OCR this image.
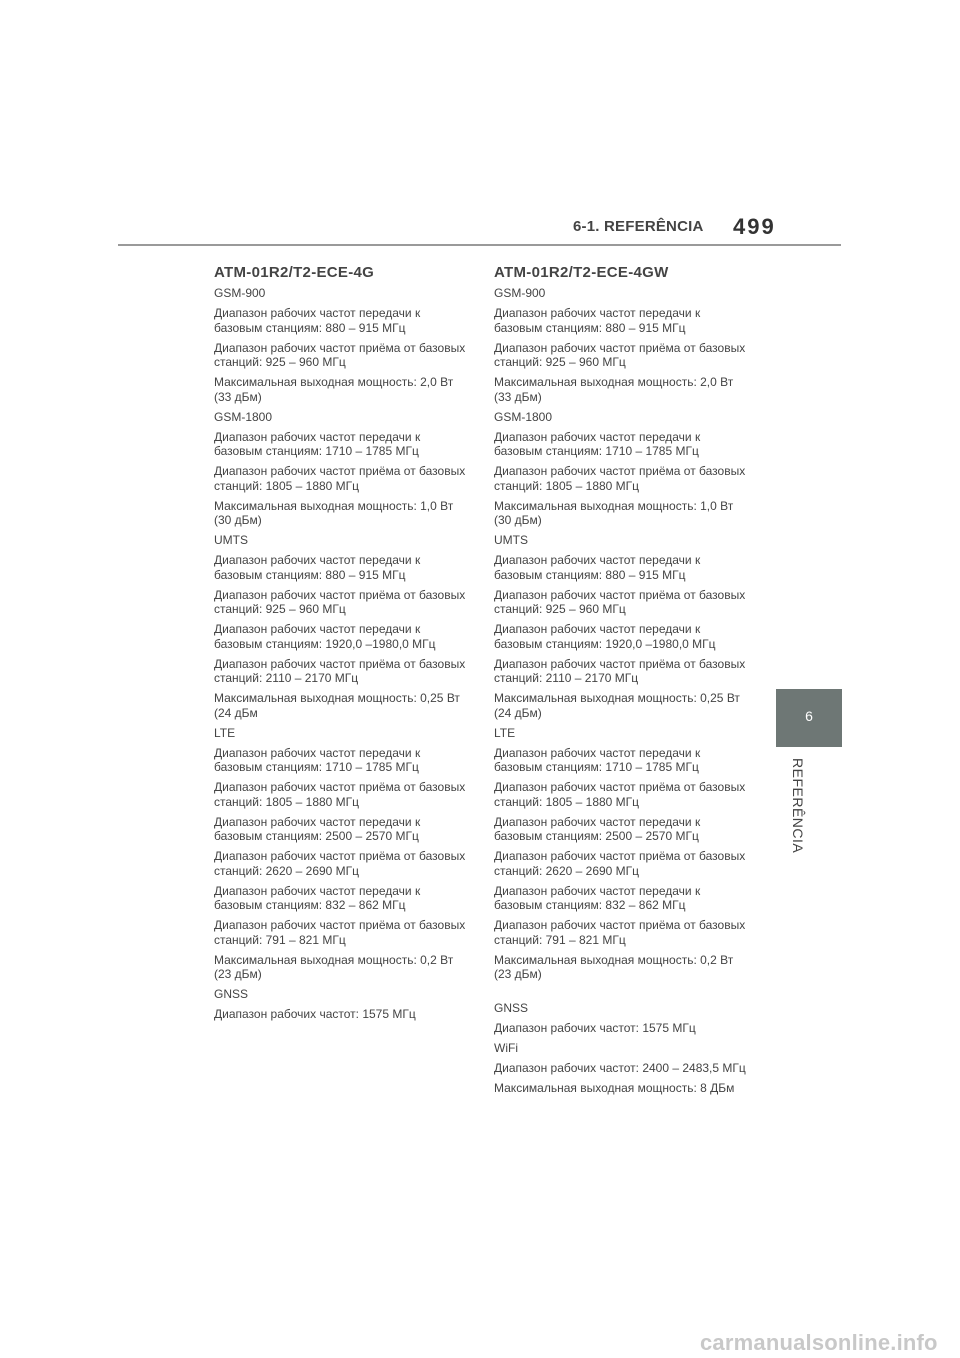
6-1. REFERÊNCIA 499
ATM-01R2/T2-ECE-4G

GSM-900

Диапазон рабочих частот передачи к базовым станциям: 880 – 915 МГц

Диапазон рабочих частот приёма от базовых станций: 925 – 960 МГц

Максимальная выходная мощность: 2,0 Вт (33 дБм)

GSM-1800

Диапазон рабочих частот передачи к базовым станциям: 1710 – 1785 МГц

Диапазон рабочих частот приёма от базовых станций: 1805 – 1880 МГц

Максимальная выходная мощность: 1,0 Вт (30 дБм)

UMTS

Диапазон рабочих частот передачи к базовым станциям: 880 – 915 МГц

Диапазон рабочих частот приёма от базовых станций: 925 – 960 МГц

Диапазон рабочих частот передачи к базовым станциям: 1920,0 –1980,0 МГц

Диапазон рабочих частот приёма от базовых станций: 2110 – 2170 МГц

Максимальная выходная мощность: 0,25 Вт (24 дБм

LTE

Диапазон рабочих частот передачи к базовым станциям: 1710 – 1785 МГц

Диапазон рабочих частот приёма от базовых станций: 1805 – 1880 МГц

Диапазон рабочих частот передачи к базовым станциям: 2500 – 2570 МГц

Диапазон рабочих частот приёма от базовых станций: 2620 – 2690 МГц

Диапазон рабочих частот передачи к базовым станциям: 832 – 862 МГц

Диапазон рабочих частот приёма от базовых станций: 791 – 821 МГц

Максимальная выходная мощность: 0,2 Вт (23 дБм)

GNSS

Диапазон рабочих частот: 1575 МГц

ATM-01R2/T2-ECE-4GW

GSM-900

Диапазон рабочих частот передачи к базовым станциям: 880 – 915 МГц

Диапазон рабочих частот приёма от базовых станций: 925 – 960 МГц

Максимальная выходная мощность: 2,0 Вт (33 дБм)

GSM-1800

Диапазон рабочих частот передачи к базовым станциям: 1710 – 1785 МГц

Диапазон рабочих частот приёма от базовых станций: 1805 – 1880 МГц

Максимальная выходная мощность: 1,0 Вт (30 дБм)

UMTS

Диапазон рабочих частот передачи к базовым станциям: 880 – 915 МГц

Диапазон рабочих частот приёма от базовых станций: 925 – 960 МГц

Диапазон рабочих частот передачи к базовым станциям: 1920,0 –1980,0 МГц

Диапазон рабочих частот приёма от базовых станций: 2110 – 2170 МГц

Максимальная выходная мощность: 0,25 Вт (24 дБм)

LTE

Диапазон рабочих частот передачи к базовым станциям: 1710 – 1785 МГц

Диапазон рабочих частот приёма от базовых станций: 1805 – 1880 МГц

Диапазон рабочих частот передачи к базовым станциям: 2500 – 2570 МГц

Диапазон рабочих частот приёма от базовых станций: 2620 – 2690 МГц

Диапазон рабочих частот передачи к базовым станциям: 832 – 862 МГц

Диапазон рабочих частот приёма от базовых станций: 791 – 821 МГц

Максимальная выходная мощность: 0,2 Вт (23 дБм)

GNSS

Диапазон рабочих частот: 1575 МГц

WiFi

Диапазон рабочих частот: 2400 – 2483,5 МГц

Максимальная выходная мощность: 8 ДБм

6
REFERÊNCIA
carmanualsonline.info
